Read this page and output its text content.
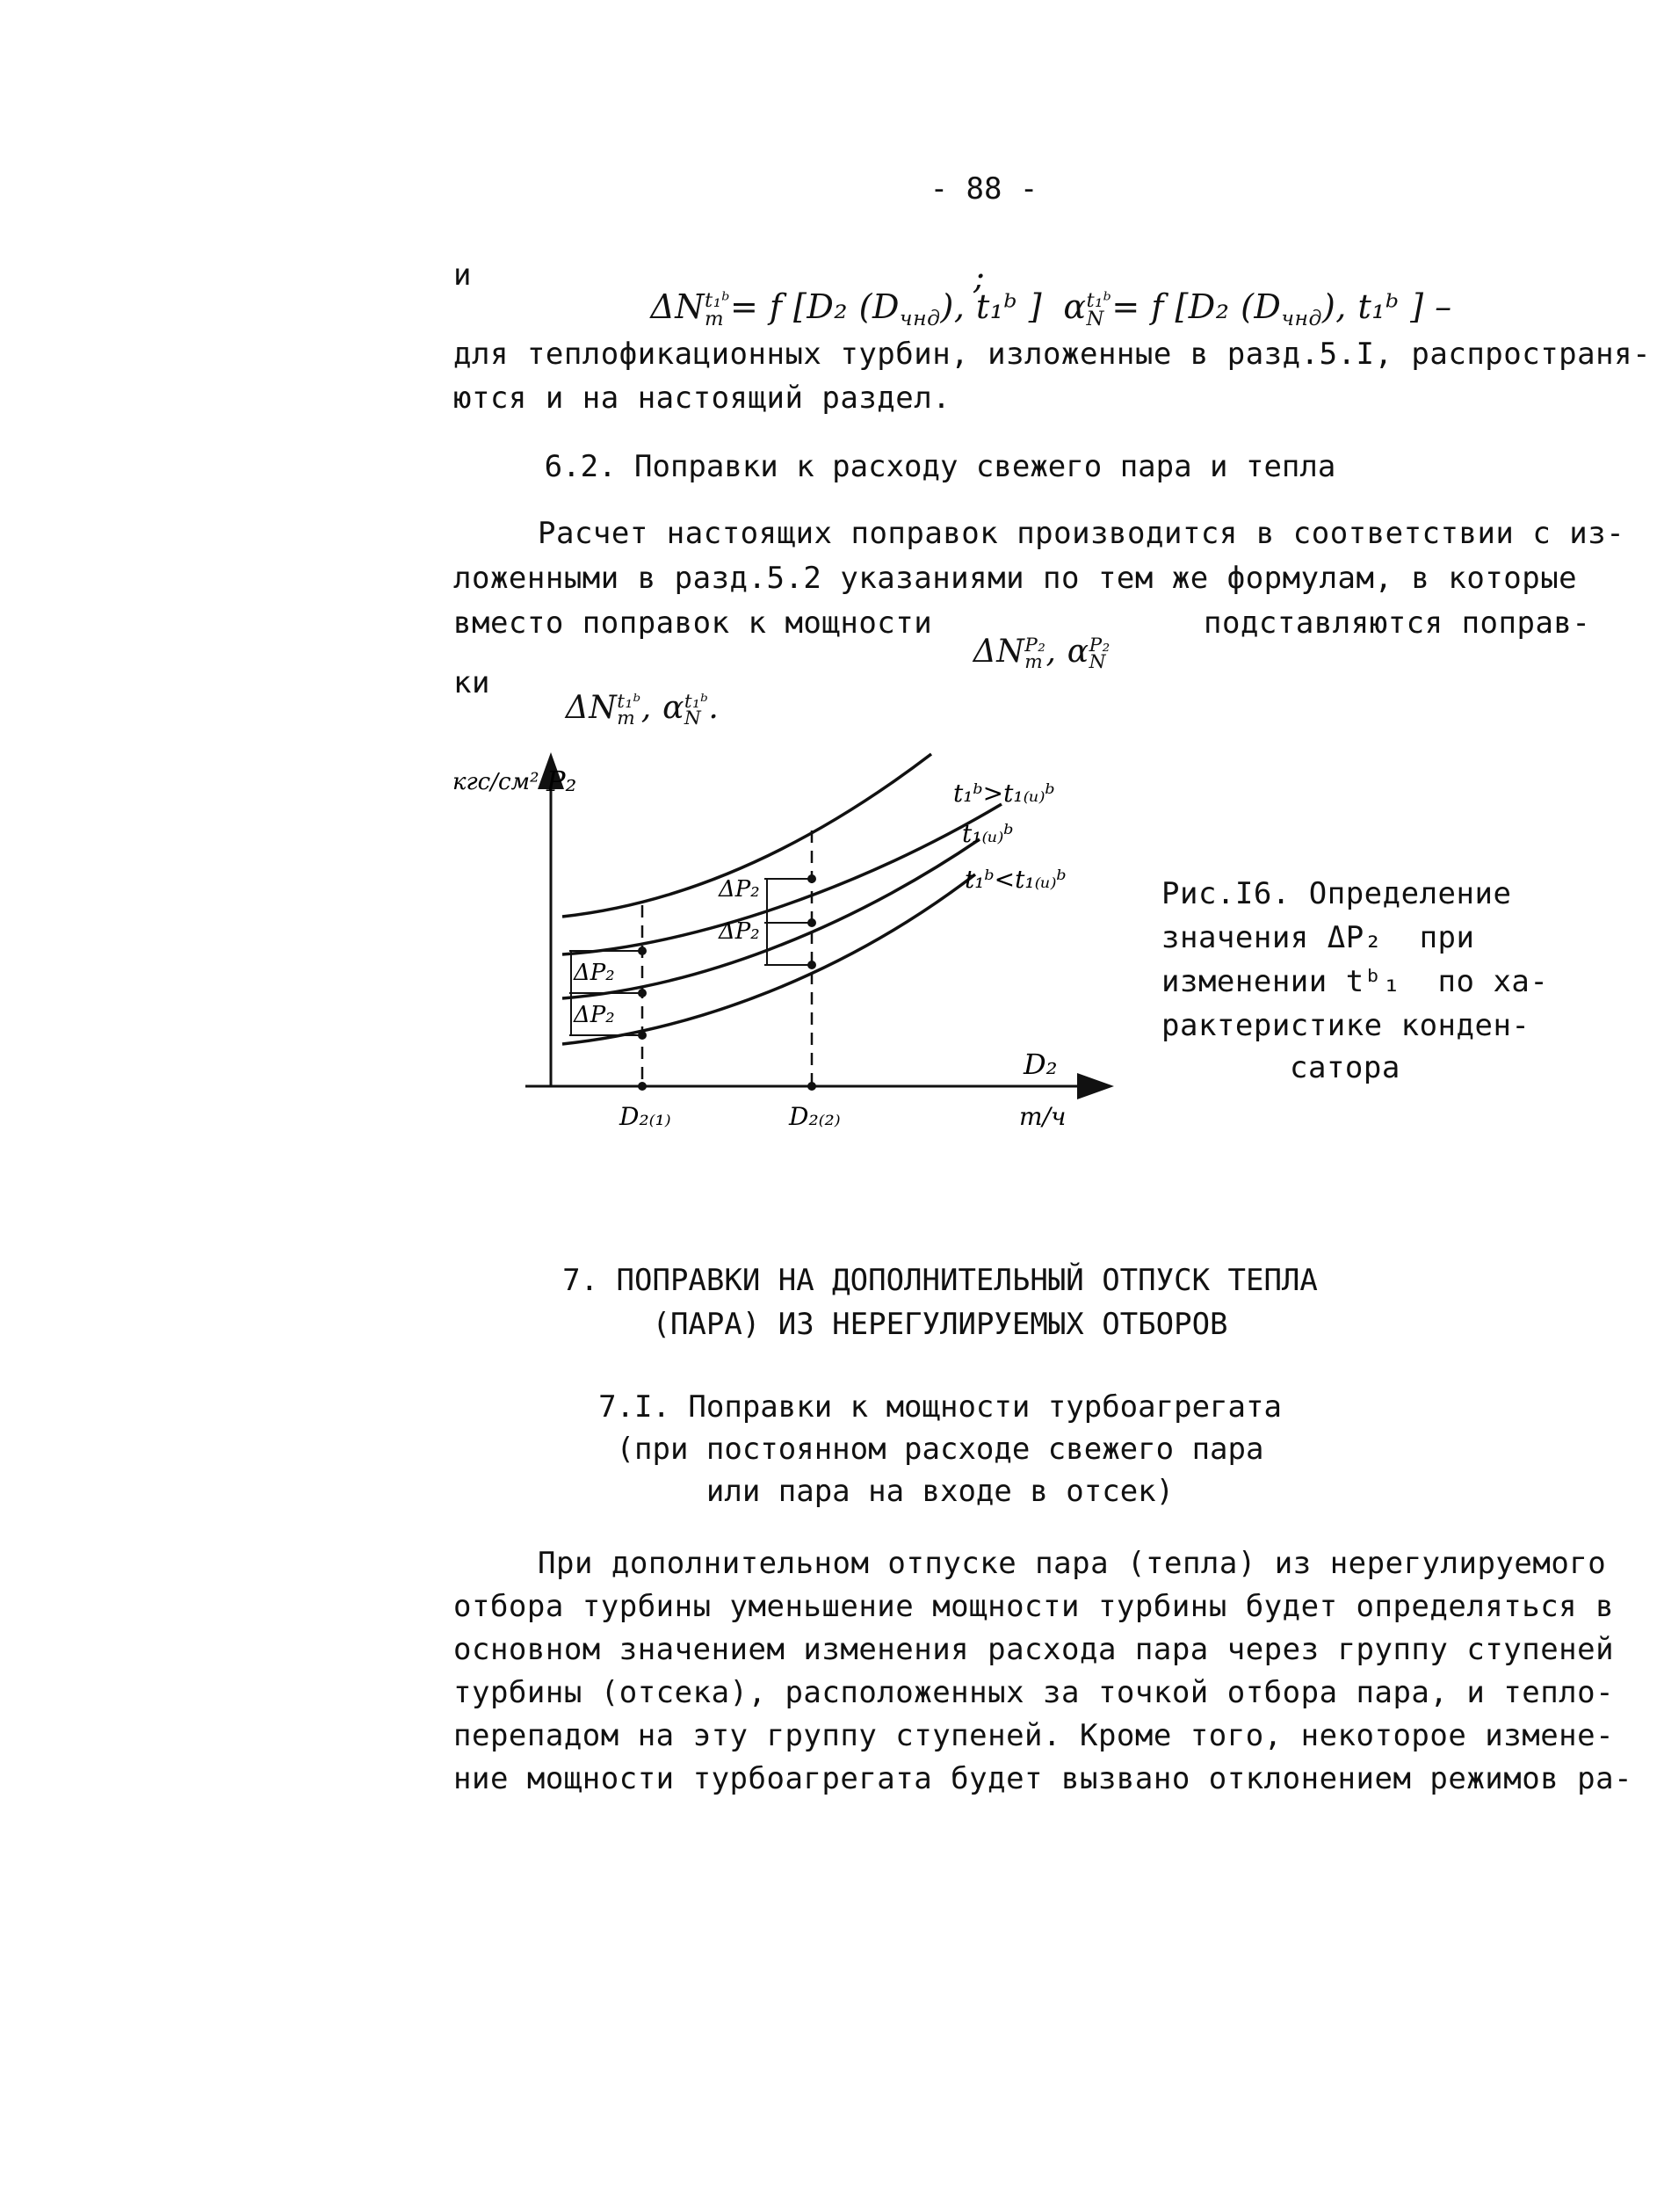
- 88 -
и

ΔN t₁ᵇ
т = f [D₂ $(D_{чнд})$, t₁ᵇ ]

;

α t₁ᵇ
N = f [D₂ $(D_{чнд})$, t₁ᵇ ] –

для теплофикационных турбин, изложенные в разд.5.I, распространя-
ются и на настоящий раздел.
6.2. Поправки к расходу свежего пара и тепла
Расчет настоящих поправок производится в соответствии с из-
ложенными в разд.5.2 указаниями по тем же формулам, в которые
вместо поправок к мощности

ΔN P₂
т ,  α P₂
N

подставляются поправ-
ки

ΔN t₁ᵇ
т ,  α t₁ᵇ
N .

кгс/см² P₂
D₂
т/ч
D₂₍₁₎	D₂₍₂₎
t₁ᵇ>t₁₍ᵤ₎ᵇ
t₁₍ᵤ₎ᵇ
t₁ᵇ<t₁₍ᵤ₎ᵇ
ΔP₂
ΔP₂
ΔP₂
ΔP₂
Рис.I6. Определение
значения ΔP₂  при
изменении tᵇ₁  по ха-
рактеристике конден-
сатора
7. ПОПРАВКИ НА ДОПОЛНИТЕЛЬНЫЙ ОТПУСК ТЕПЛА
(ПАРА) ИЗ НЕРЕГУЛИРУЕМЫХ ОТБОРОВ
7.I. Поправки к мощности турбоагрегата
(при постоянном расходе свежего пара
или пара на входе в отсек)
При дополнительном отпуске пара (тепла) из нерегулируемого
отбора турбины уменьшение мощности турбины будет определяться в
основном значением изменения расхода пара через группу ступеней
турбины (отсека), расположенных за точкой отбора пара, и тепло-
перепадом на эту группу ступеней. Кроме того, некоторое измене-
ние мощности турбоагрегата будет вызвано отклонением режимов ра-
